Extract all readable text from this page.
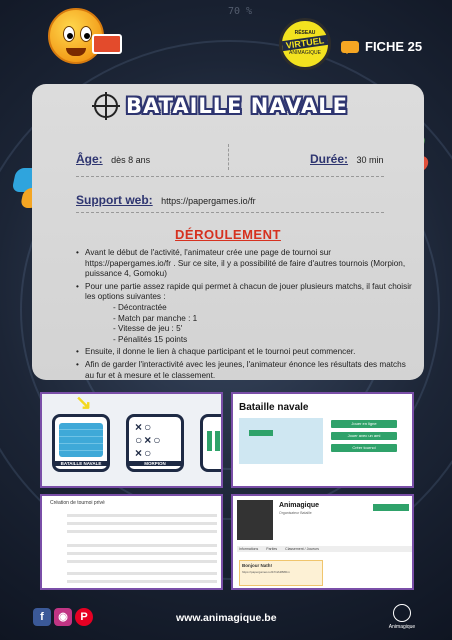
70 %
RÉSEAU
VIRTUEL
ANIMAGIQUE	FICHE 25
BATAILLE NAVALE
Âge: dès 8 ans	Durée: 30 min
Support web: https://papergames.io/fr
DÉROULEMENT
• Avant le début de l'activité, l'animateur crée une page de tournoi sur https://papergames.io/fr . Sur ce site, il y a possibilité de faire d'autres tournois (Morpion, puissance 4, Gomoku)
• Pour une partie assez rapide qui permet à chacun de jouer plusieurs matchs, il faut choisir les options suivantes :
- Décontractée
- Match par manche : 1
- Vitesse de jeu : 5'
- Pénalités 15 points
• Ensuite, il donne le lien à chaque participant et le tournoi peut commencer.
• Afin de garder l'interactivité avec les jeunes, l'animateur énonce les résultats des matchs au fur et à mesure et le classement.
BATAILLE NAVALE
↘
×○
○×○
×○
MORPION
Bataille navale
Jouer en ligne
Jouer avec un ami
Créer tournoi
Création de tournoi privé	Animagique
Organisateur Bataille
Informations Parties Classement / Joueurs
Bonjour Nath!
https://papergames.io/fr/t/4A3B8Dm
f	◉	P	www.animagique.be
Animagique
